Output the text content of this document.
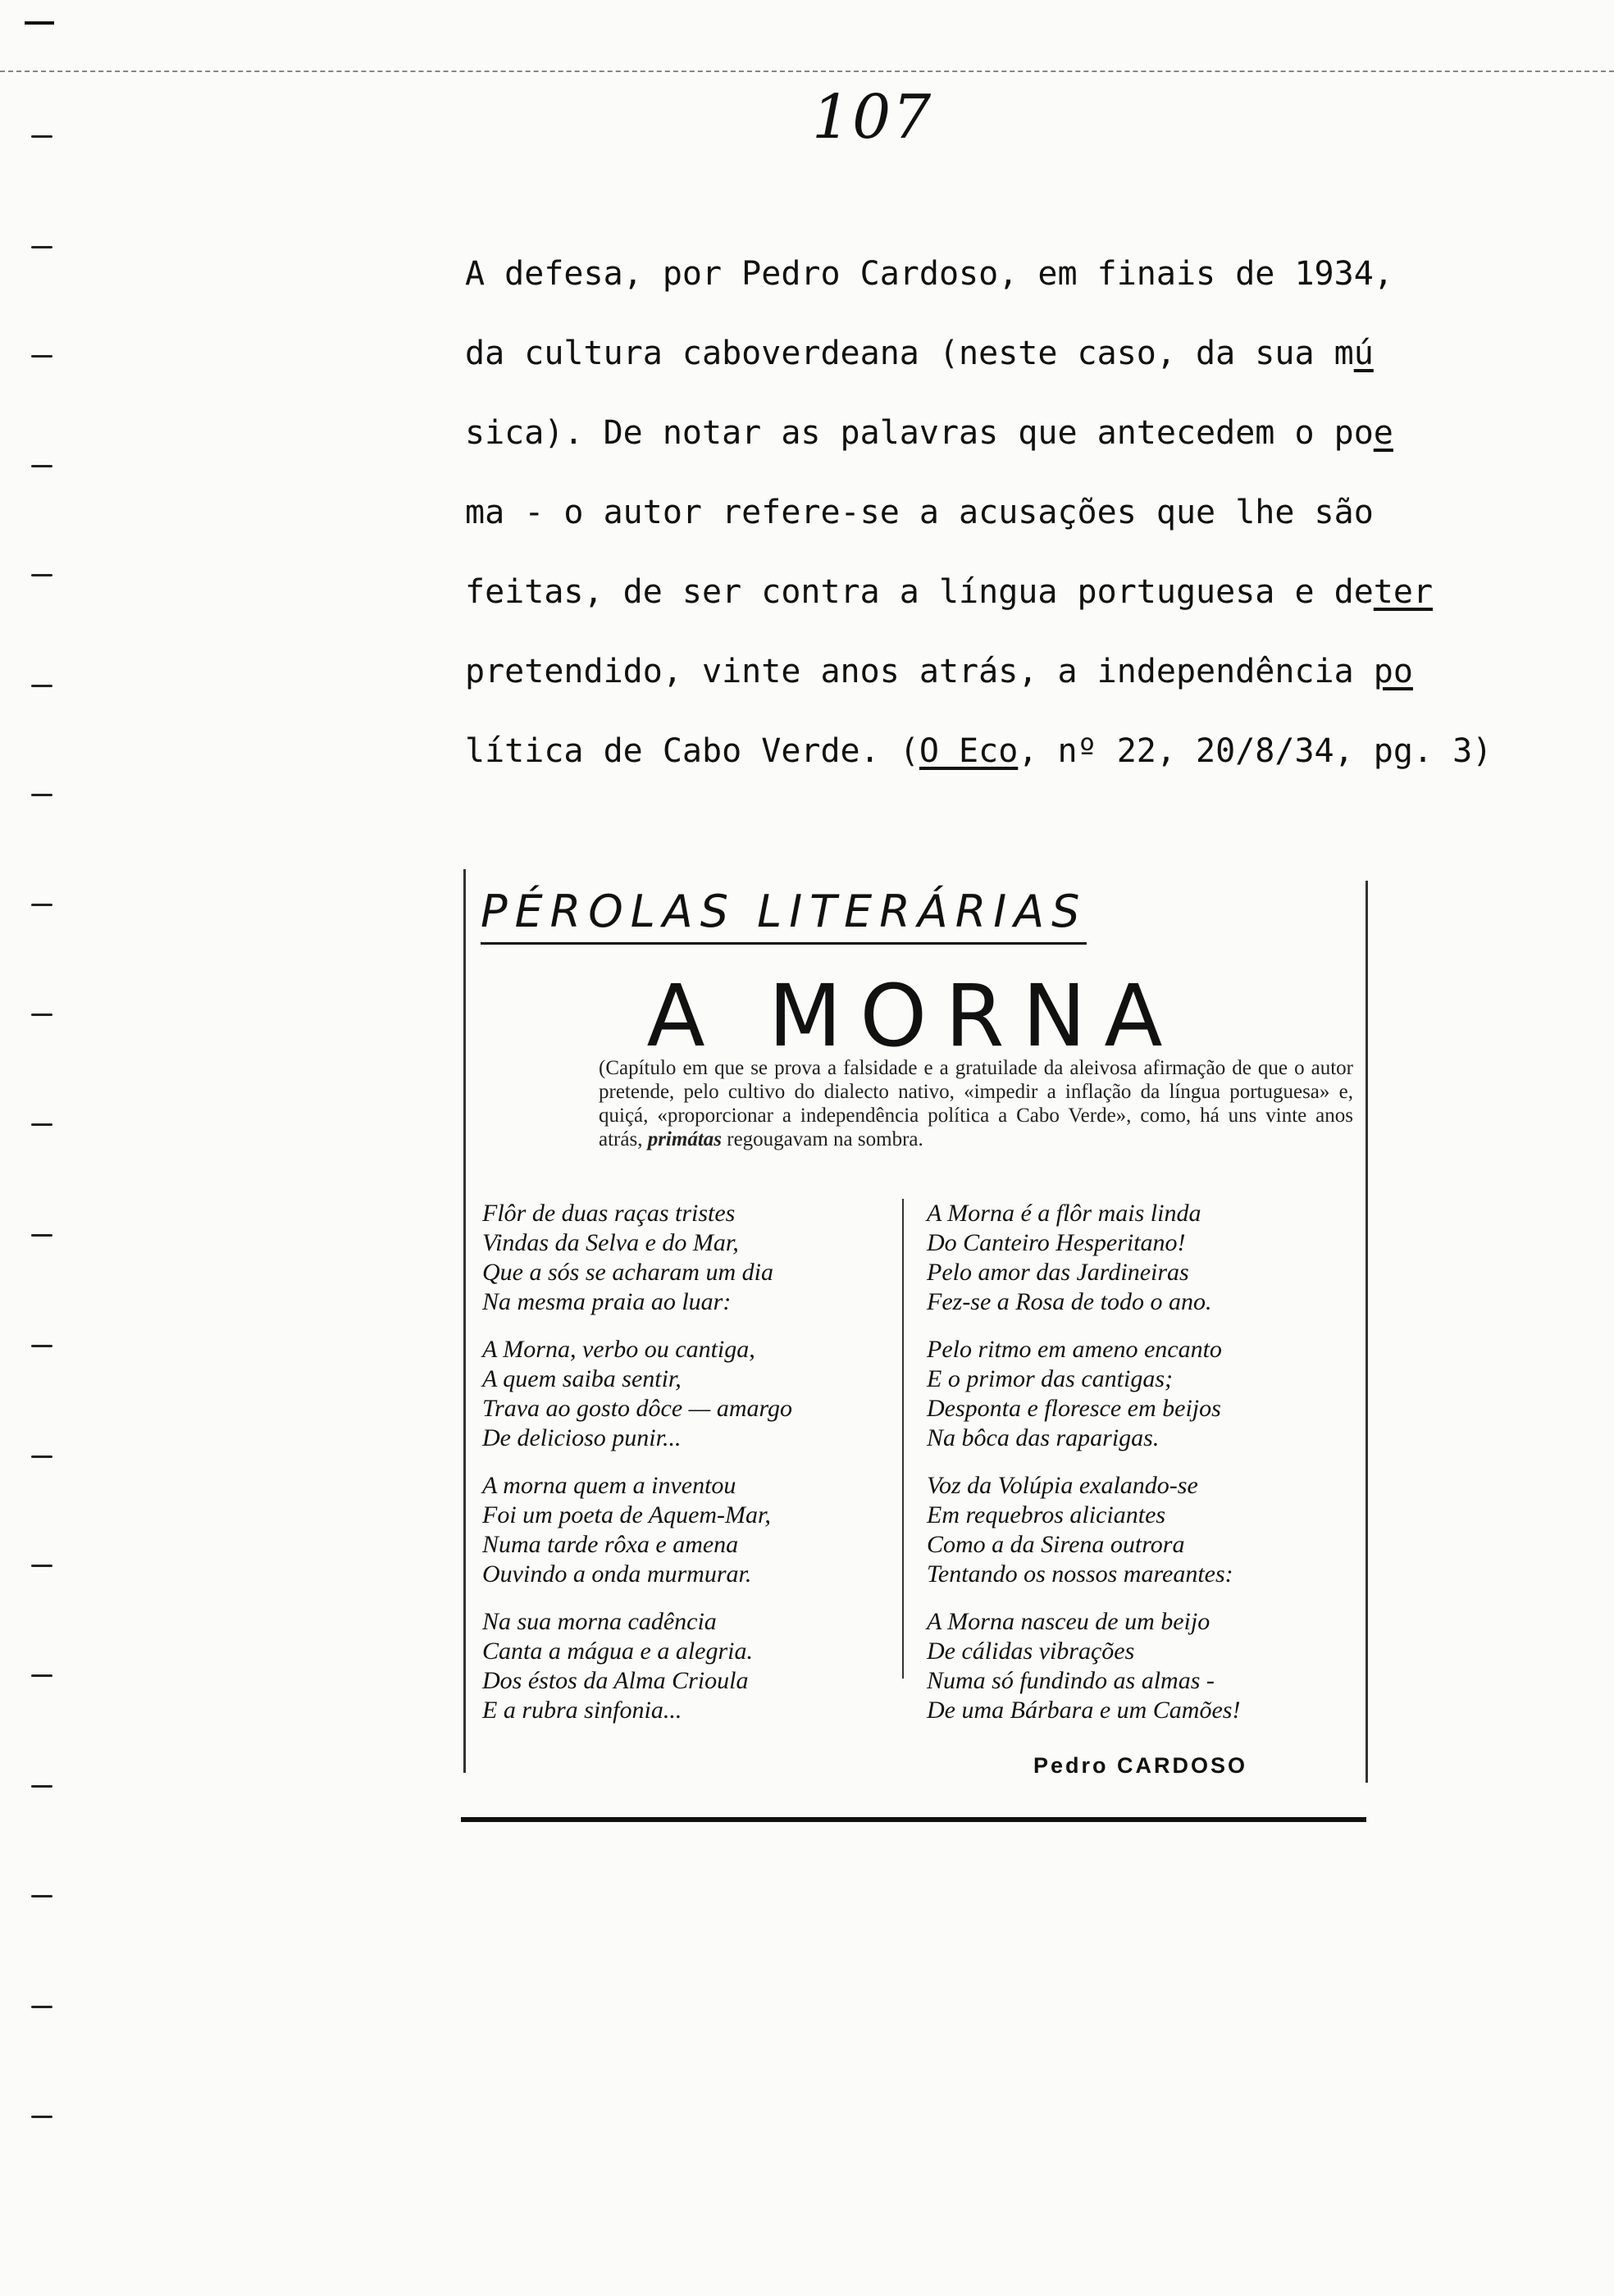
107
A defesa, por Pedro Cardoso, em finais de 1934,
da cultura caboverdeana (neste caso, da sua mú
sica). De notar as palavras que antecedem o poe
ma - o autor refere-se a acusações que lhe são
feitas, de ser contra a língua portuguesa e deter
pretendido, vinte anos atrás, a independência po
lítica de Cabo Verde. (O Eco, nº 22, 20/8/34, pg. 3)
PÉROLAS LITERÁRIAS
A MORNA
(Capítulo em que se prova a falsidade e a gratuilade da aleivosa afirmação de que o autor pretende, pelo cultivo do dialecto nativo, «impedir a inflação da língua portuguesa» e, quiçá, «proporcionar a independência política a Cabo Verde», como, há uns vinte anos atrás, primátas regougavam na sombra.
Flôr de duas raças tristes
Vindas da Selva e do Mar,
Que a sós se acharam um dia
Na mesma praia ao luar:
A Morna, verbo ou cantiga,
A quem saiba sentir,
Trava ao gosto dôce — amargo
De delicioso punir...
A morna quem a inventou
Foi um poeta de Aquem-Mar,
Numa tarde rôxa e amena
Ouvindo a onda murmurar.
Na sua morna cadência
Canta a mágua e a alegria.
Dos éstos da Alma Crioula
E a rubra sinfonia...
A Morna é a flôr mais linda
Do Canteiro Hesperitano!
Pelo amor das Jardineiras
Fez-se a Rosa de todo o ano.
Pelo ritmo em ameno encanto
E o primor das cantigas;
Desponta e floresce em beijos
Na bôca das raparigas.
Voz da Volúpia exalando-se
Em requebros aliciantes
Como a da Sirena outrora
Tentando os nossos mareantes:
A Morna nasceu de um beijo
De cálidas vibrações
Numa só fundindo as almas -
De uma Bárbara e um Camões!
Pedro CARDOSO
